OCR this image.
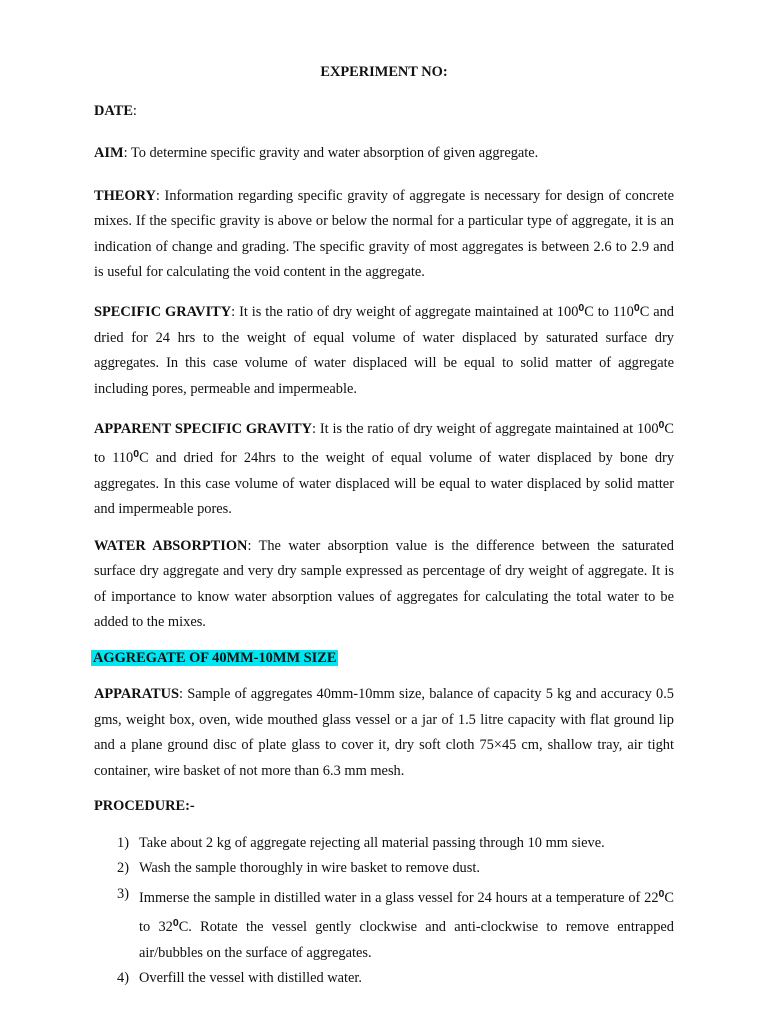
EXPERIMENT NO:

DATE:

AIM: To determine specific gravity and water absorption of given aggregate.

THEORY: Information regarding specific gravity of aggregate is necessary for design of concrete mixes. If the specific gravity is above or below the normal for a particular type of aggregate, it is an indication of change and grading. The specific gravity of most aggregates is between 2.6 to 2.9 and is useful for calculating the void content in the aggregate.

SPECIFIC GRAVITY: It is the ratio of dry weight of aggregate maintained at $100^0C$ to $110^0C$ and dried for 24 hrs to the weight of equal volume of water displaced by saturated surface dry aggregates. In this case volume of water displaced will be equal to solid matter of aggregate including pores, permeable and impermeable.

APPARENT SPECIFIC GRAVITY: It is the ratio of dry weight of aggregate maintained at $100^0C$ to $110^0C$ and dried for 24hrs to the weight of equal volume of water displaced by bone dry aggregates. In this case volume of water displaced will be equal to water displaced by solid matter and impermeable pores.

WATER ABSORPTION: The water absorption value is the difference between the saturated surface dry aggregate and very dry sample expressed as percentage of dry weight of aggregate. It is of importance to know water absorption values of aggregates for calculating the total water to be added to the mixes.

AGGREGATE OF 40MM-10MM SIZE

APPARATUS: Sample of aggregates 40mm-10mm size, balance of capacity 5 kg and accuracy 0.5 gms, weight box, oven, wide mouthed glass vessel or a jar of 1.5 litre capacity with flat ground lip and a plane ground disc of plate glass to cover it, dry soft cloth 75×45 cm, shallow tray, air tight container, wire basket of not more than 6.3 mm mesh.

PROCEDURE:-
1) Take about 2 kg of aggregate rejecting all material passing through 10 mm sieve.
2) Wash the sample thoroughly in wire basket to remove dust.
3) Immerse the sample in distilled water in a glass vessel for 24 hours at a temperature of $22^0C$ to $32^0C$. Rotate the vessel gently clockwise and anti-clockwise to remove entrapped air/bubbles on the surface of aggregates.
4) Overfill the vessel with distilled water.
